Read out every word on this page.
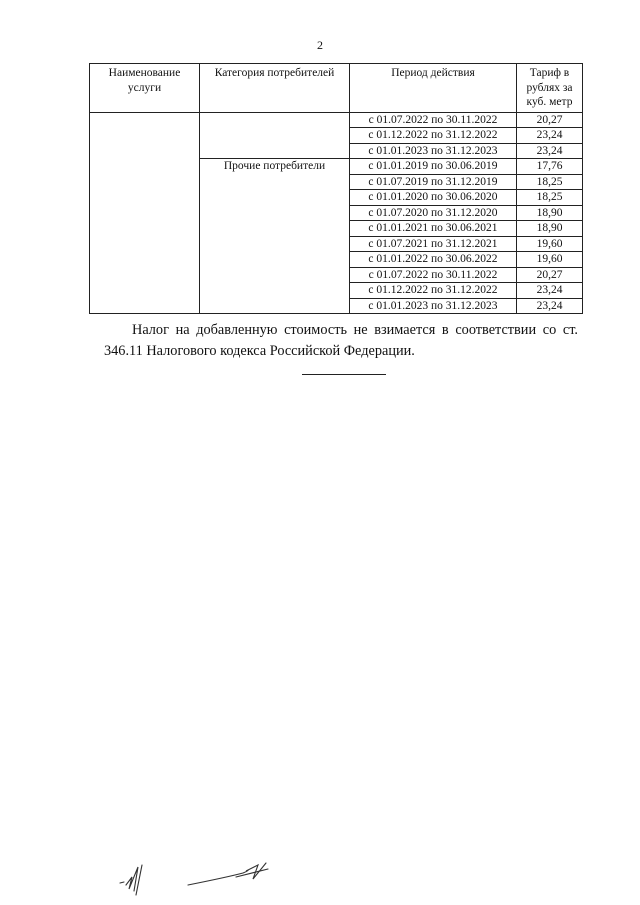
2
Наименование услуги	Категория потребителей	Период действия	Тариф в рублях за куб. метр
		с 01.07.2022 по 30.11.2022	20,27
		с 01.12.2022 по 31.12.2022	23,24
		с 01.01.2023 по 31.12.2023	23,24
	Прочие потребители	с 01.01.2019 по 30.06.2019	17,76
		с 01.07.2019 по 31.12.2019	18,25
		с 01.01.2020 по 30.06.2020	18,25
		с 01.07.2020 по 31.12.2020	18,90
		с 01.01.2021 по 30.06.2021	18,90
		с 01.07.2021 по 31.12.2021	19,60
		с 01.01.2022 по 30.06.2022	19,60
		с 01.07.2022 по 30.11.2022	20,27
		с 01.12.2022 по 31.12.2022	23,24
		с 01.01.2023 по 31.12.2023	23,24

Налог на добавленную стоимость не взимается в соответствии со ст. 346.11 Налогового кодекса Российской Федерации.
